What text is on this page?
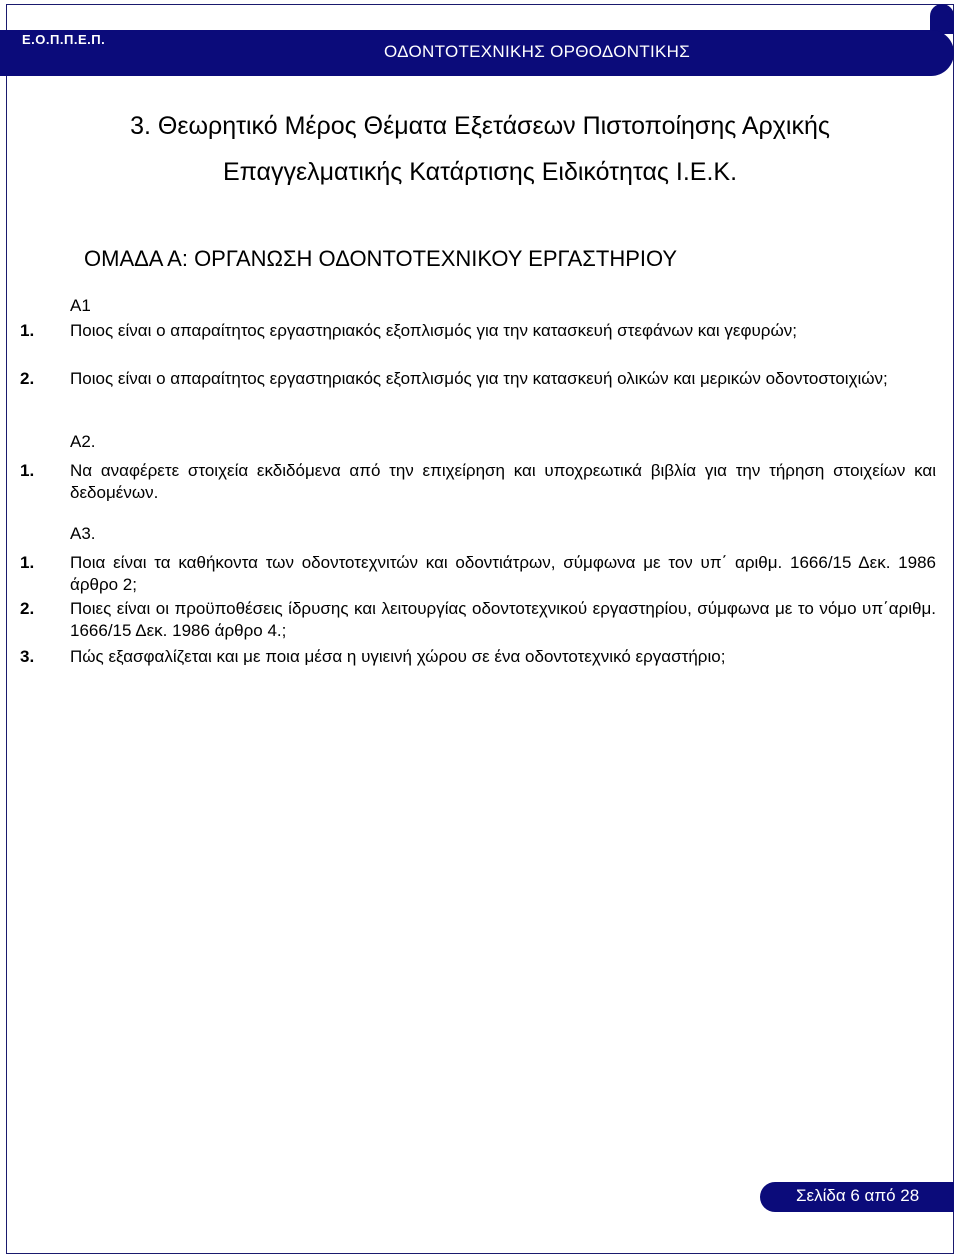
Ε.Ο.Π.Π.Ε.Π.
ΟΔΟΝΤΟΤΕΧΝΙΚΗΣ ΟΡΘΟΔΟΝΤΙΚΗΣ
3. Θεωρητικό Μέρος Θέματα Εξετάσεων Πιστοποίησης Αρχικής
Επαγγελματικής Κατάρτισης Ειδικότητας Ι.Ε.Κ.
ΟΜΑΔΑ Α: ΟΡΓΑΝΩΣΗ ΟΔΟΝΤΟΤΕΧΝΙΚΟΥ ΕΡΓΑΣΤΗΡΙΟΥ
Α1
1. Ποιος είναι ο απαραίτητος εργαστηριακός εξοπλισμός για την κατασκευή στεφάνων και γεφυρών;
2. Ποιος είναι ο απαραίτητος εργαστηριακός εξοπλισμός για την κατασκευή ολικών και μερικών οδοντοστοιχιών;
Α2.
1. Να αναφέρετε στοιχεία εκδιδόμενα από την επιχείρηση και υποχρεωτικά βιβλία για την τήρηση στοιχείων και δεδομένων.
Α3.
1. Ποια είναι τα καθήκοντα των οδοντοτεχνιτών και οδοντιάτρων, σύμφωνα με τον υπ΄ αριθμ. 1666/15 Δεκ. 1986 άρθρο 2;
2. Ποιες είναι οι προϋποθέσεις ίδρυσης και λειτουργίας οδοντοτεχνικού εργαστηρίου, σύμφωνα με το νόμο υπ΄αριθμ. 1666/15 Δεκ. 1986 άρθρο 4.;
3. Πώς εξασφαλίζεται και με ποια μέσα η υγιεινή χώρου σε ένα οδοντοτεχνικό εργαστήριο;
Σελίδα 6 από 28
